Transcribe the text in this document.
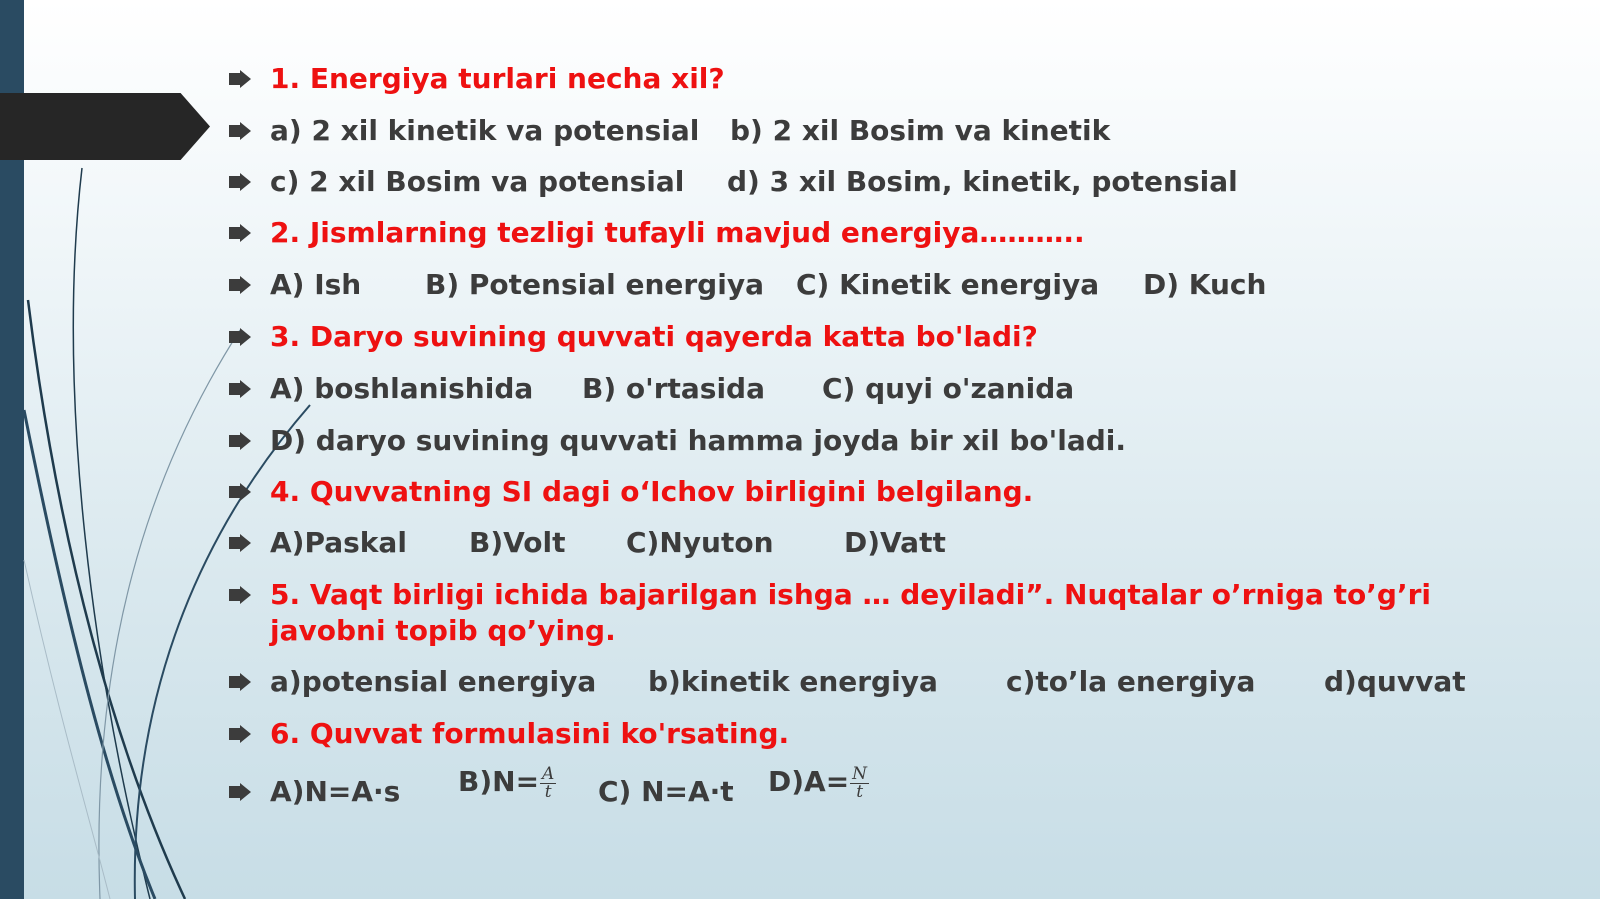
1. Energiya turlari necha xil?
a) 2 xil kinetik va potensial b) 2 xil Bosim va kinetik
c) 2 xil Bosim va potensial d) 3 xil Bosim, kinetik, potensial
2. Jismlarning tezligi tufayli mavjud energiya………..
A) Ish B) Potensial energiya C) Kinetik energiya D) Kuch
3. Daryo suvining quvvati qayerda katta bo'ladi?
A) boshlanishida B) o'rtasida C) quyi o'zanida
D) daryo suvining quvvati hamma joyda bir xil bo'ladi.
4. Quvvatning SI dagi o‘Ichov birligini belgilang.
A)Paskal B)Volt C)Nyuton	D)Vatt
5. Vaqt birligi ichida bajarilgan ishga … deyiladi”. Nuqtalar o’rniga to’g’ri javobni topib qo’ying.
a)potensial energiya b)kinetik energiya c)to’la energiya d)quvvat
6. Quvvat formulasini ko'rsating.
A)N=A·s $B)N= \frac{A}{t} C$) N=A·t $D)A= \frac{N}{t}$
